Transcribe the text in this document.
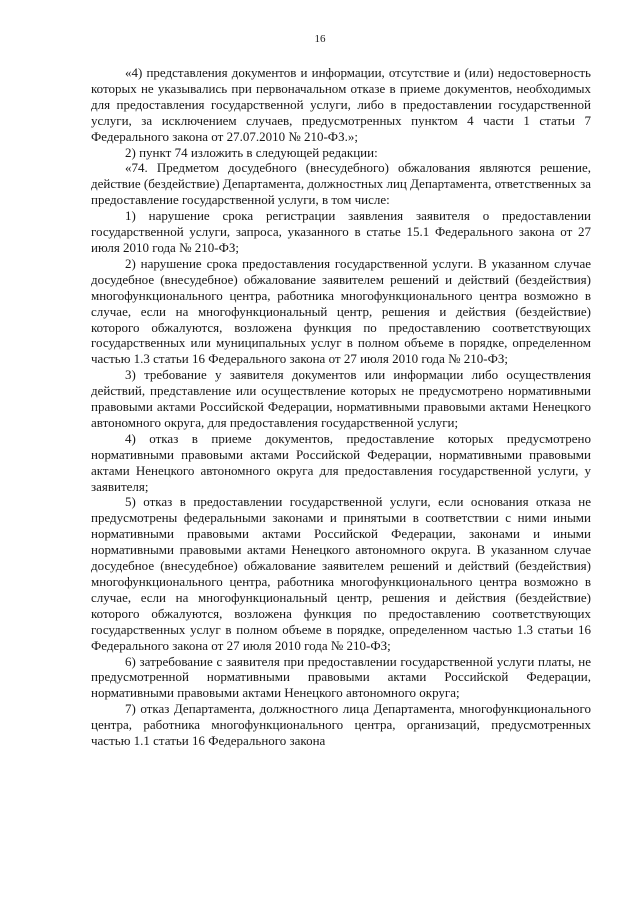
16

«4) представления документов и информации, отсутствие и (или) недостоверность которых не указывались при первоначальном отказе в приеме документов, необходимых для предоставления государственной услуги, либо в предоставлении государственной услуги, за исключением случаев, предусмотренных пунктом 4 части 1 статьи 7 Федерального закона от 27.07.2010 № 210-ФЗ.»;

2) пункт 74 изложить в следующей редакции:

«74. Предметом досудебного (внесудебного) обжалования являются решение, действие (бездействие) Департамента, должностных лиц Департамента, ответственных за предоставление государственной услуги, в том числе:

1) нарушение срока регистрации заявления заявителя о предоставлении государственной услуги, запроса, указанного в статье 15.1 Федерального закона от 27 июля 2010 года № 210-ФЗ;

2) нарушение срока предоставления государственной услуги. В указанном случае досудебное (внесудебное) обжалование заявителем решений и действий (бездействия) многофункционального центра, работника многофункционального центра возможно в случае, если на многофункциональный центр, решения и действия (бездействие) которого обжалуются, возложена функция по предоставлению соответствующих государственных или муниципальных услуг в полном объеме в порядке, определенном частью 1.3 статьи 16 Федерального закона от 27 июля 2010 года № 210-ФЗ;

3) требование у заявителя документов или информации либо осуществления действий, представление или осуществление которых не предусмотрено нормативными правовыми актами Российской Федерации, нормативными правовыми актами Ненецкого автономного округа, для предоставления государственной услуги;

4) отказ в приеме документов, предоставление которых предусмотрено нормативными правовыми актами Российской Федерации, нормативными правовыми актами Ненецкого автономного округа для предоставления государственной услуги, у заявителя;

5) отказ в предоставлении государственной услуги, если основания отказа не предусмотрены федеральными законами и принятыми в соответствии с ними иными нормативными правовыми актами Российской Федерации, законами и иными нормативными правовыми актами Ненецкого автономного округа. В указанном случае досудебное (внесудебное) обжалование заявителем решений и действий (бездействия) многофункционального центра, работника многофункционального центра возможно в случае, если на многофункциональный центр, решения и действия (бездействие) которого обжалуются, возложена функция по предоставлению соответствующих государственных услуг в полном объеме в порядке, определенном частью 1.3 статьи 16 Федерального закона от 27 июля 2010 года № 210-ФЗ;

6) затребование с заявителя при предоставлении государственной услуги платы, не предусмотренной нормативными правовыми актами Российской Федерации, нормативными правовыми актами Ненецкого автономного округа;

7) отказ Департамента, должностного лица Департамента, многофункционального центра, работника многофункционального центра, организаций, предусмотренных частью 1.1 статьи 16 Федерального закона
